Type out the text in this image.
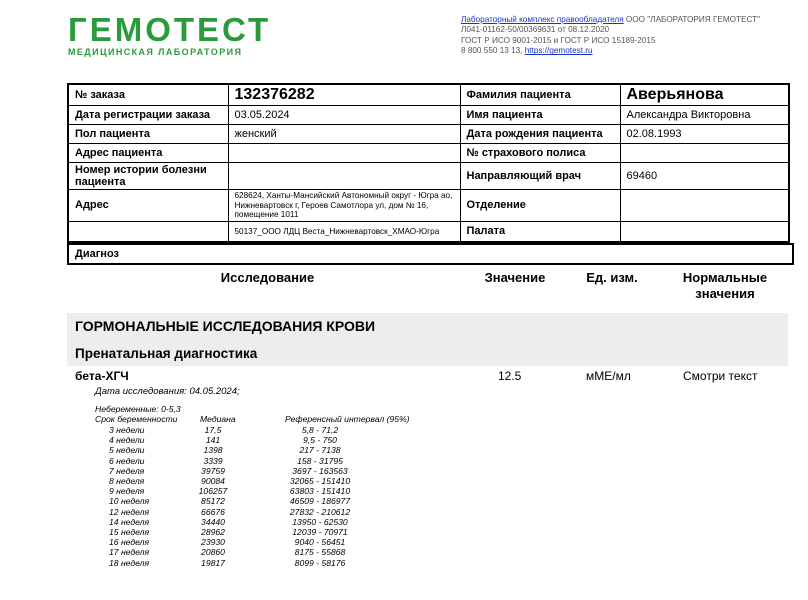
ГЕМОТЕСТ
МЕДИЦИНСКАЯ ЛАБОРАТОРИЯ
Лабораторный комплекс правообладателя ООО "ЛАБОРАТОРИЯ ГЕМОТЕСТ"
Л041-01162-50/00369631 от 08.12.2020
ГОСТ Р ИСО 9001-2015 и ГОСТ Р ИСО 15189-2015
8 800 550 13 13, https://gemotest.ru
№ заказа	132376282	Фамилия пациента	Аверьянова
Дата регистрации заказа	03.05.2024	Имя пациента	Александра Викторовна
Пол пациента	женский	Дата рождения пациента	02.08.1993
Адрес пациента		№ страхового полиса	
Номер истории болезни пациента		Направляющий врач	69460
Адрес	628624, Ханты-Мансийский Автономный округ - Югра ао, Нижневартовск г, Героев Самотлора ул, дом № 16, помещение 1011	Отделение	
	50137_ООО ЛДЦ Веста_Нижневартовск_ХМАО-Югра	Палата	
Диагноз
Исследование	Значение	Ед. изм.	Нормальные
значения
ГОРМОНАЛЬНЫЕ ИССЛЕДОВАНИЯ КРОВИ
Пренатальная диагностика
бета-ХГЧ	12.5	мМЕ/мл	Смотри текст
Дата исследования: 04.05.2024;
Небеременные: 0-5,3
Срок беременности	Медиана	Референсный интервал (95%)
3 недели	17,5	5,8 - 71,2
4 недели	141	9,5 - 750
5 недели	1398	217 - 7138
6 недели	3339	158 - 31795
7 неделя	39759	3697 - 163563
8 неделя	90084	32065 - 151410
9 неделя	106257	63803 - 151410
10 неделя	85172	46509 - 186977
12 неделя	66676	27832 - 210612
14 неделя	34440	13950 - 62530
15 неделя	28962	12039 - 70971
16 неделя	23930	9040 - 56451
17 неделя	20860	8175 - 55868
18 неделя	19817	8099 - 58176
